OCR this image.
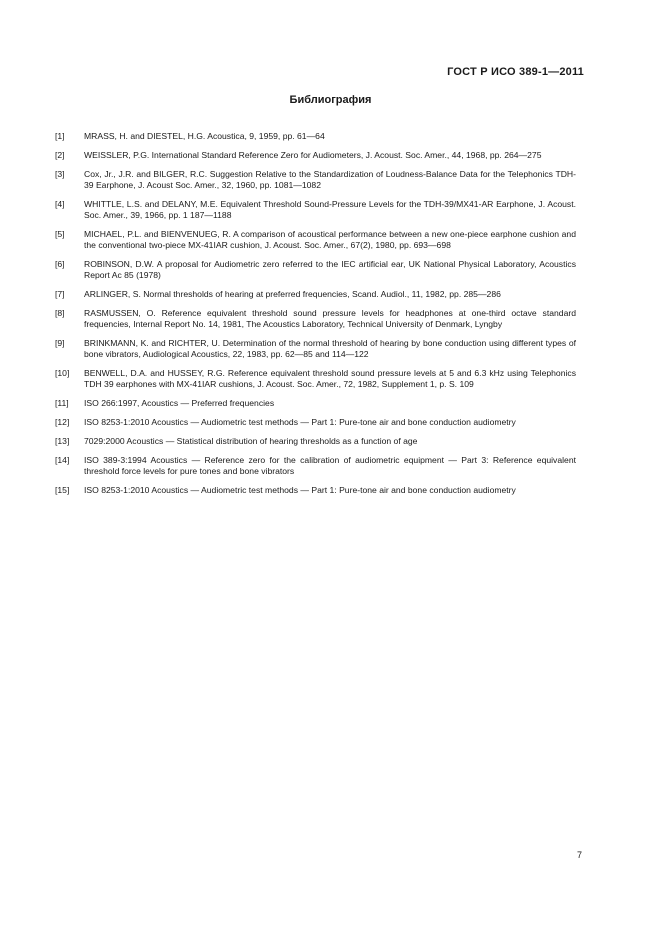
ГОСТ Р ИСО 389-1—2011
Библиография
[1]	MRASS, H. and DIESTEL, H.G. Acoustica, 9, 1959, pp. 61—64
[2]	WEISSLER, P.G. International Standard Reference Zero for Audiometers, J. Acoust. Soc. Amer., 44, 1968, pp. 264—275
[3]	Cox, Jr., J.R. and BILGER, R.C. Suggestion Relative to the Standardization of Loudness-Balance Data for the Telephonics TDH-39 Earphone, J. Acoust Soc. Amer., 32, 1960, pp. 1081—1082
[4]	WHITTLE, L.S. and DELANY, M.E. Equivalent Threshold Sound-Pressure Levels for the TDH-39/MX41-AR Earphone, J. Acoust. Soc. Amer., 39, 1966, pp. 1 187—1188
[5]	MICHAEL, P.L. and BIENVENUEG, R. A comparison of acoustical performance between a new one-piece earphone cushion and the conventional two-piece MX-41IAR cushion, J. Acoust. Soc. Amer., 67(2), 1980, pp. 693—698
[6]	ROBINSON, D.W. A proposal for Audiometric zero referred to the IEC artificial ear, UK National Physical Laboratory, Acoustics Report Ac 85 (1978)
[7]	ARLINGER, S. Normal thresholds of hearing at preferred frequencies, Scand. Audiol., 11, 1982, pp. 285—286
[8]	RASMUSSEN, O. Reference equivalent threshold sound pressure levels for headphones at one-third octave standard frequencies, Internal Report No. 14, 1981, The Acoustics Laboratory, Technical University of Denmark, Lyngby
[9]	BRINKMANN, K. and RICHTER, U. Determination of the normal threshold of hearing by bone conduction using different types of bone vibrators, Audiological Acoustics, 22, 1983, pp. 62—85 and 114—122
[10]	BENWELL, D.A. and HUSSEY, R.G. Reference equivalent threshold sound pressure levels at 5 and 6.3 kHz using Telephonics TDH 39 earphones with MX-41IAR cushions, J. Acoust. Soc. Amer., 72, 1982, Supplement 1, p. S. 109
[11]	ISO 266:1997, Acoustics — Preferred frequencies
[12]	ISO 8253-1:2010 Acoustics — Audiometric test methods — Part 1: Pure-tone air and bone conduction audiometry
[13]	7029:2000 Acoustics — Statistical distribution of hearing thresholds as a function of age
[14]	ISO 389-3:1994 Acoustics — Reference zero for the calibration of audiometric equipment — Part 3: Reference equivalent threshold force levels for pure tones and bone vibrators
[15]	ISO 8253-1:2010 Acoustics — Audiometric test methods — Part 1: Pure-tone air and bone conduction audiometry
7
